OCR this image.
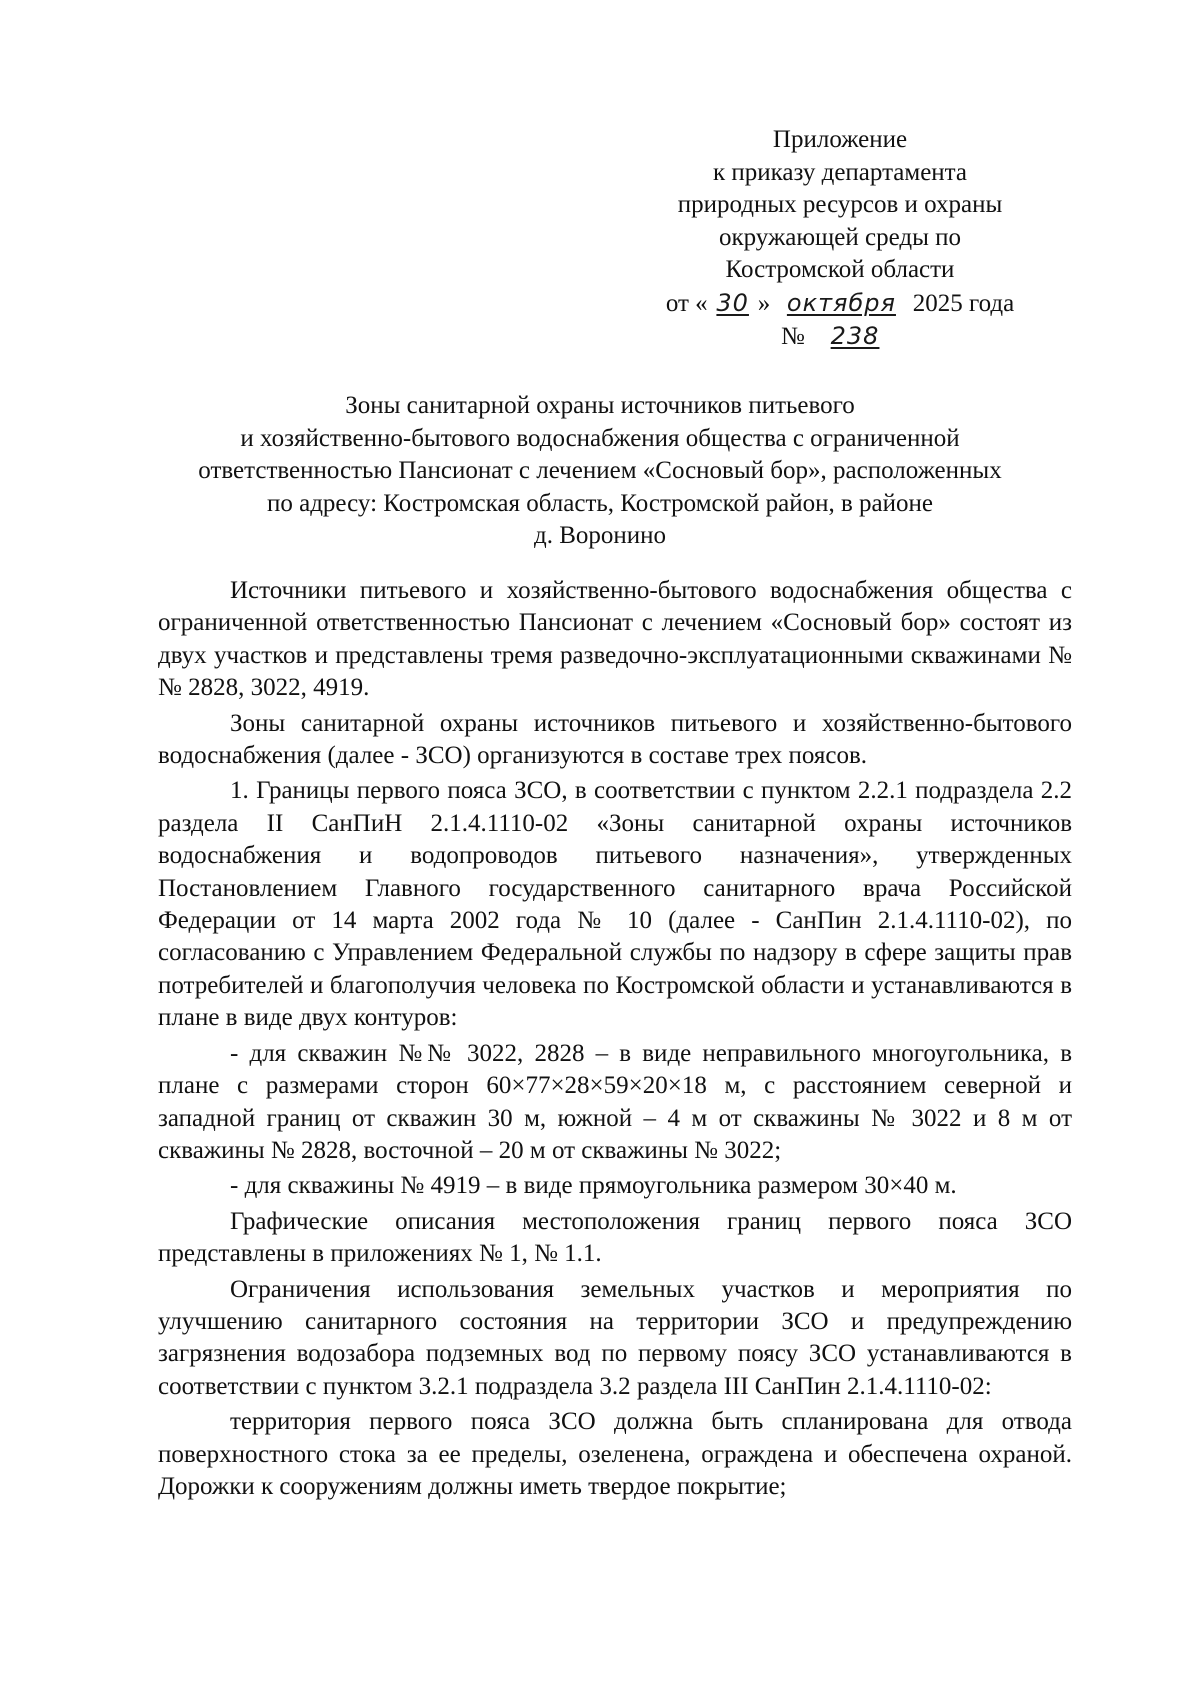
Приложение
к приказу департамента
природных ресурсов и охраны
окружающей среды по
Костромской области
от « 30 » октября 2025 года
№ 238
Зоны санитарной охраны источников питьевого
и хозяйственно-бытового водоснабжения общества с ограниченной
ответственностью Пансионат с лечением «Сосновый бор», расположенных
по адресу: Костромская область, Костромской район, в районе
д. Воронино

Источники питьевого и хозяйственно-бытового водоснабжения общества с ограниченной ответственностью Пансионат с лечением «Сосновый бор» состоят из двух участков и представлены тремя разведочно-эксплуатационными скважинами №№ 2828, 3022, 4919.

Зоны санитарной охраны источников питьевого и хозяйственно-бытового водоснабжения (далее - ЗСО) организуются в составе трех поясов.

1. Границы первого пояса ЗСО, в соответствии с пунктом 2.2.1 подраздела 2.2 раздела II СанПиН 2.1.4.1110-02 «Зоны санитарной охраны источников водоснабжения и водопроводов питьевого назначения», утвержденных Постановлением Главного государственного санитарного врача Российской Федерации от 14 марта 2002 года № 10 (далее - СанПин 2.1.4.1110-02), по согласованию с Управлением Федеральной службы по надзору в сфере защиты прав потребителей и благополучия человека по Костромской области и устанавливаются в плане в виде двух контуров:

- для скважин №№ 3022, 2828 – в виде неправильного многоугольника, в плане с размерами сторон 60×77×28×59×20×18 м, с расстоянием северной и западной границ от скважин 30 м, южной – 4 м от скважины № 3022 и 8 м от скважины № 2828, восточной – 20 м от скважины № 3022;

- для скважины № 4919 – в виде прямоугольника размером 30×40 м.

Графические описания местоположения границ первого пояса ЗСО представлены в приложениях № 1, № 1.1.

Ограничения использования земельных участков и мероприятия по улучшению санитарного состояния на территории ЗСО и предупреждению загрязнения водозабора подземных вод по первому поясу ЗСО устанавливаются в соответствии с пунктом 3.2.1 подраздела 3.2 раздела III СанПин 2.1.4.1110-02:

территория первого пояса ЗСО должна быть спланирована для отвода поверхностного стока за ее пределы, озеленена, ограждена и обеспечена охраной. Дорожки к сооружениям должны иметь твердое покрытие;
